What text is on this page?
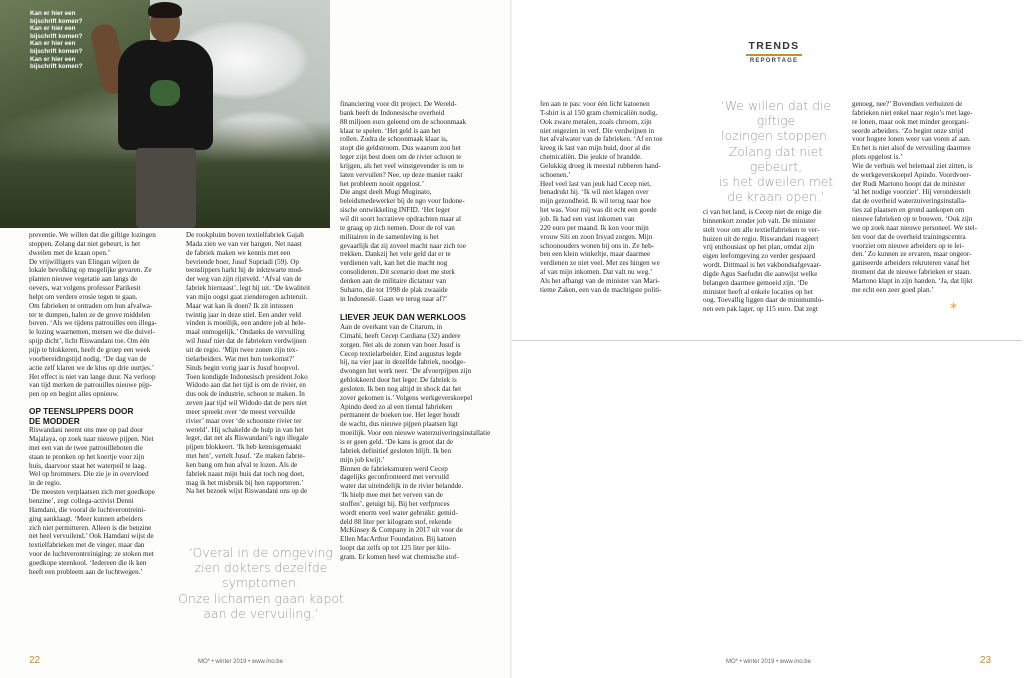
Kan er hier een
bijschrift komen?
Kan er hier een
bijschrift komen?
Kan er hier een
bijschrift komen?
Kan er hier een
bijschrift komen?
preventie. We willen dat die giftige lozingen
stoppen. Zolang dat niet gebeurt, is het
dweilen met de kraan open.’
De vrijwilligers van Elingan wijzen de
lokale bevolking op mogelijke gevaren. Ze
planten nieuwe vegetatie aan langs de
oevers, wat volgens professor Parikesit
helpt om verdere erosie tegen te gaan.
Om fabrieken te ontraden om hun afvalwa-
ter te dumpen, halen ze de grove middelen
boven. ‘Als we tijdens patrouilles een illega-
le lozing waarnemen, metsen we die duivel-
spijp dicht’, licht Riswandani toe. Om één
pijp te blokkeren, heeft de groep een week
voorbereidingstijd nodig. ‘De dag van de
actie zelf klaren we de klus op drie uurtjes.’
Het effect is niet van lange duur. Na verloop
van tijd merken de patrouilles nieuwe pijp-
pen op en begint alles opnieuw.
OP TEENSLIPPERS DOOR
DE MODDER
Riswandani neemt ons mee op pad door
Majalaya, op zoek naar nieuwe pijpen. Niet
met een van de twee patrouilleboten die
staan te pronken op het koertje voor zijn
huis, daarvoor staat het waterpeil te laag.
Wel op brommers. Die zie je in overvloed
in de regio.
‘De meesten verplaatsen zich met goedkope
benzine’, zegt collega-activist Denni
Hamdani, die vooral de luchtverontreini-
ging aanklaagt. ‘Meer kunnen arbeiders
zich niet permitteren. Alleen is die benzine
net heel vervuilend.’ Ook Hamdani wijst de
textielfabrieken met de vinger, maar dan
voor de luchtverontreiniging: ze stoken met
goedkope steenkool. ‘Iedereen die ik ken
heeft een probleem aan de luchtwegen.’
De rookpluim boven textielfabriek Gajah
Mada zien we van ver hangen. Net naast
de fabriek maken we kennis met een
bevriende boer, Jusuf Supriadi (59). Op
teenslippers harkt hij de inktzwarte mod-
der weg van zijn rijstveld. ‘Afval van de
fabriek hiernaast’, legt hij uit. ‘De kwaliteit
van mijn oogst gaat zienderogen achteruit.
Maar wat kan ik doen? Ik zit intussen
twintig jaar in deze stiel. Een ander veld
vinden is moeilijk, een andere job al hele-
maal onmogelijk.’ Ondanks de vervuiling
wil Jusuf niet dat de fabrieken verdwijnen
uit de regio. ‘Mijn twee zonen zijn tex-
tielarbeiders. Wat met hun toekomst?’
Sinds begin vorig jaar is Jusuf hoopvol.
Toen kondigde Indonesisch president Joko
Widodo aan dat het tijd is om de rivier, en
dus ook de industrie, schoon te maken. In
zeven jaar tijd wil Widodo dat de pers niet
meer spreekt over ‘de meest vervuilde
rivier’ maar over ‘de schoonste rivier ter
wereld’. Hij schakelde de hulp in van het
leger, dat net als Riswandani’s ngo illegale
pijpen blokkeert. ‘Ik heb kennisgemaakt
met hen’, vertelt Jusuf. ‘Ze maken fabrie-
ken bang om hun afval te lozen. Als de
fabriek naast mijn huis dat toch nog doet,
mag ik het misbruik bij hen rapporteren.’
Na het bezoek wijst Riswandani ons op de
‘Overal in de omgeving
zien dokters dezelfde
symptomen.
Onze lichamen gaan kapot
aan de vervuiling.’
financiering voor dit project. De Wereld-
bank heeft de Indonesische overheid
88 miljoen euro geleend om de schoonmaak
klaar te spelen. ‘Het geld is aan het
rollen. Zodra de schoonmaak klaar is,
stopt die geldstroom. Dus waarom zou het
leger zijn best doen om de rivier schoon te
krijgen, als het veel winstgevender is om te
laten vervuilen? Nee, op deze manier raakt
het probleem nooit opgelost.’
Die angst deelt Mugi Muginato,
beleidsmedewerker bij de ngo voor Indone-
sische ontwikkeling INFID. ‘Het leger
wil dit soort lucratieve opdrachten maar al
te graag op zich nemen. Door de rol van
militairen in de samenleving is het
gevaarlijk dat zij zoveel macht naar zich toe
trekken. Dankzij het vele geld dat er te
verdienen valt, kan het die macht nog
consolideren. Dit scenario doet me sterk
denken aan de militaire dictatuur van
Suharto, die tot 1998 de plak zwaaide
in Indonesië. Gaan we terug naar af?’
LIEVER JEUK DAN WERKLOOS
Aan de overkant van de Citarum, in
Cimahi, heeft Cecep Cardiana (32) andere
zorgen. Net als de zonen van boer Jusuf is
Cecep textielarbeider. Eind augustus legde
hij, na vier jaar in dezelfde fabriek, noodge-
dwongen het werk neer. ‘De afvoerpijpen zijn
geblokkeerd door het leger. De fabriek is
gesloten. Ik ben nog altijd in shock dat het
zover gekomen is.’ Volgens werkgeverskoepel
Apindo deed zo al een tiental fabrieken
permanent de boeken toe. Het leger houdt
de wacht, dus nieuwe pijpen plaatsen ligt
moeilijk. Voor een nieuwe waterzuiveringsinstallatie
is er geen geld. ‘De kans is groot dat de
fabriek definitief gesloten blijft. Ik ben
mijn job kwijt.’
Binnen de fabrieksmuren werd Cecep
dagelijks geconfronteerd met vervuild
water dat uiteindelijk in de rivier belandde.
‘Ik hielp mee met het verven van de
stoffen’, getuigt hij. Bij het verfproces
wordt enorm veel water gebruikt: gemid-
deld 88 liter per kilogram stof, rekende
McKinsey & Company in 2017 uit voor de
Ellen MacArthur Foundation. Bij katoen
loopt dat zelfs op tot 125 liter per kilo-
gram. Er komen heel wat chemische stof-
22	MO* • winter 2019 • www.mo.be
TRENDS
REPORTAGE
fen aan te pas: voor één licht katoenen
T-shirt is al 150 gram chemicaliën nodig.
Ook zware metalen, zoals chroom, zijn
niet ongezien in verf. Die verdwijnen in
het afvalwater van de fabrieken. ‘Af en toe
kreeg ik last van mijn huid, door al die
chemicaliën. Die jeukte of brandde.
Gelukkig droeg ik meestal rubberen hand-
schoenen.’
Heel veel last van jeuk had Cecep niet,
benadrukt hij. ‘Ik wil niet klagen over
mijn gezondheid. Ik wil terug naar hoe
het was. Voor mij was dit echt een goede
job. Ik had een vast inkomen van
220 euro per maand. Ik kon voor mijn
vrouw Siti en zoon Irsyad zorgen. Mijn
schoonouders wonen bij ons in. Ze heb-
ben een klein winkeltje, maar daarmee
verdienen ze niet veel. Met zes hingen we
af van mijn inkomen. Dat valt nu weg.’
Als het afhangt van de minister van Mari-
tieme Zaken, een van de machtigste politi-
‘We willen dat die giftige
lozingen stoppen.
Zolang dat niet gebeurt,
is het dweilen met
de kraan open.’
ci van het land, is Cecep niet de enige die
binnenkort zonder job valt. De minister
stelt voor om alle textielfabrieken te ver-
huizen uit de regio. Riswandani reageert
vrij enthousiast op het plan, omdat zijn
eigen leefomgeving zo verder gespaard
wordt. Dittmaal is het vakbondsafgevaar-
digde Agus Saefudin die aanwijst welke
belangen daarmee gemoeid zijn. ‘De
minister heeft al enkele locaties op het
oog. Toevallig liggen daar de minimumlo-
nen een pak lager, op 115 euro. Dat zegt
genoeg, nee?’ Bovendien verhuizen de
fabrieken niet enkel naar regio’s met lage-
re lonen, maar ook met minder georgani-
seerde arbeiders. ‘Zo begint onze strijd
voor hogere lonen weer van voren af aan.
En het is niet alsof de vervuiling daarmee
plots opgelost is.’
Wie de verhuis wel helemaal ziet zitten, is
de werkgeverskoepel Apindo. Voordvoer-
der Rudi Martono hoopt dat de minister
‘al het nodige voorziet’. Hij veronderstelt
dat de overheid waterzuiveringsinstalla-
ties zal plaatsen en grond aankopen om
nieuwe fabrieken op te bouwen. ‘Ook zijn
we op zoek naar nieuwe personeel. We stel-
len voor dat de overheid trainingscentra
voorziet om nieuwe arbeiders op te lei-
den.’ Zo kunnen ze ervaren, maar ongeor-
ganiseerde arbeiders rekruteren vanaf het
moment dat de nieuwe fabrieken er staan.
Martono klapt in zijn handen. ‘Ja, dat lijkt
me echt een zeer goed plan.’
*
MO* • winter 2019 • www.mo.be	23
